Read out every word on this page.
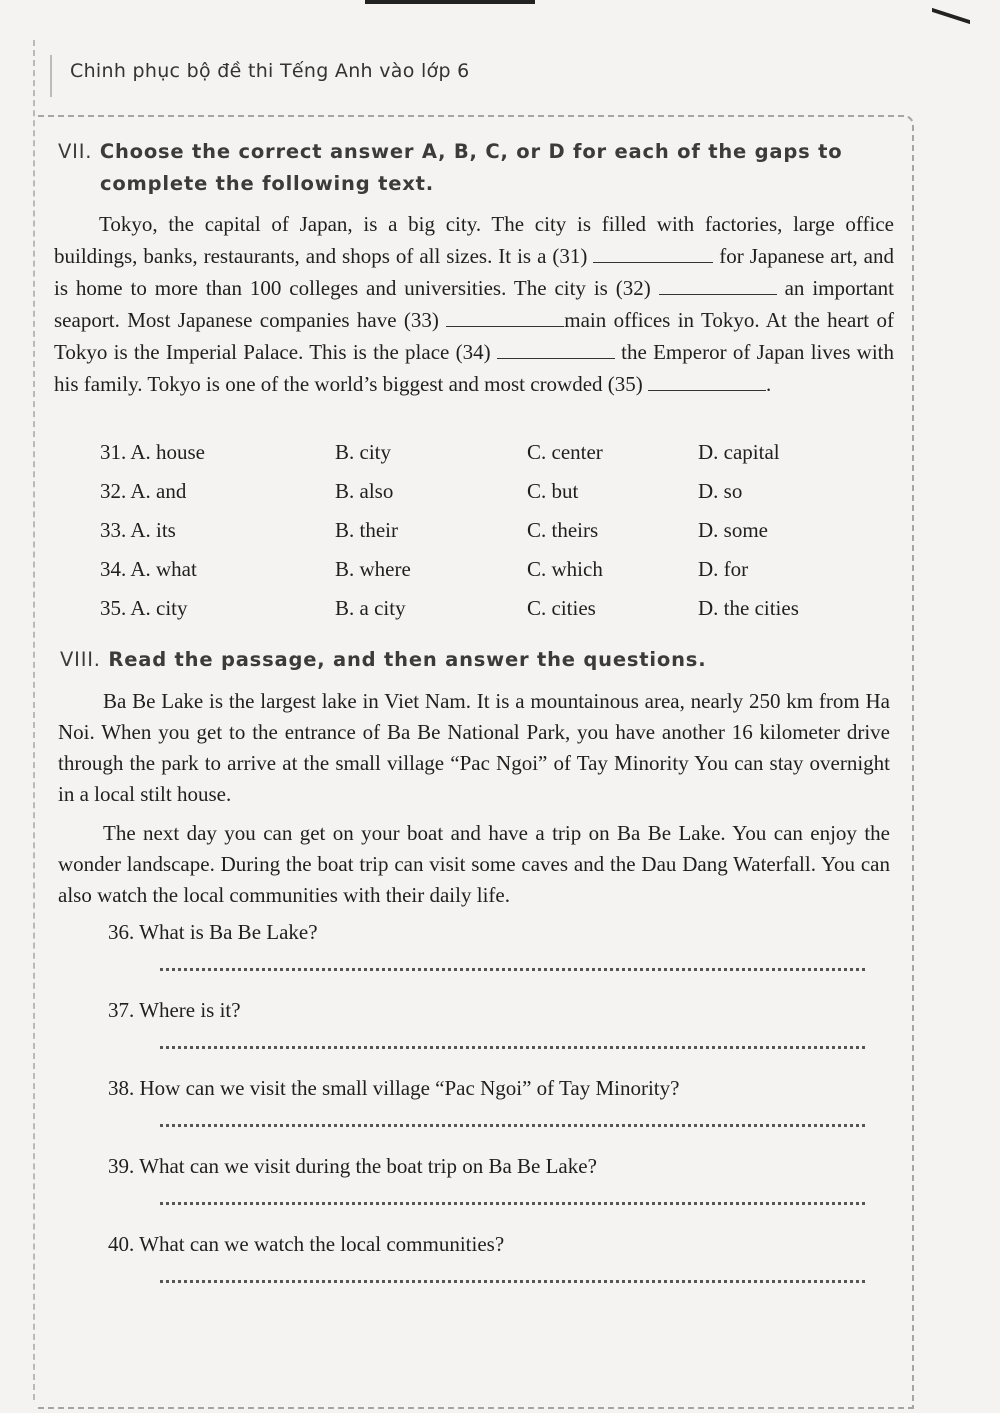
Chinh phục bộ đề thi Tếng Anh vào lớp 6
VII. Choose the correct answer A, B, C, or D for each of the gaps to
complete the following text.

Tokyo, the capital of Japan, is a big city. The city is filled with factories, large office buildings, banks, restaurants, and shops of all sizes. It is a (31)	for Japanese art, and is home to more than 100 colleges and universities. The city is (32)	an important seaport. Most Japanese companies have (33)	main offices in Tokyo. At the heart of Tokyo is the Imperial Palace. This is the place (34)	the Emperor of Japan lives with his family. Tokyo is one of the world’s biggest and most crowded (35)	.

31. A. house	B. city	C. center	D. capital
32. A. and	B. also	C. but	D. so
33. A. its	B. their	C. theirs	D. some
34. A. what	B. where	C. which	D. for
35. A. city	B. a city	C. cities	D. the cities
VIII. Read the passage, and then answer the questions.

Ba Be Lake is the largest lake in Viet Nam. It is a mountainous area, nearly 250 km from Ha Noi. When you get to the entrance of Ba Be National Park, you have another 16 kilometer drive through the park to arrive at the small village “Pac Ngoi” of Tay Minority You can stay overnight in a local stilt house.

The next day you can get on your boat and have a trip on Ba Be Lake. You can enjoy the wonder landscape. During the boat trip can visit some caves and the Dau Dang Waterfall. You can also watch the local communities with their daily life.

36. What is Ba Be Lake?
37. Where is it?
38. How can we visit the small village “Pac Ngoi” of Tay Minority?
39. What can we visit during the boat trip on Ba Be Lake?
40. What can we watch the local communities?
